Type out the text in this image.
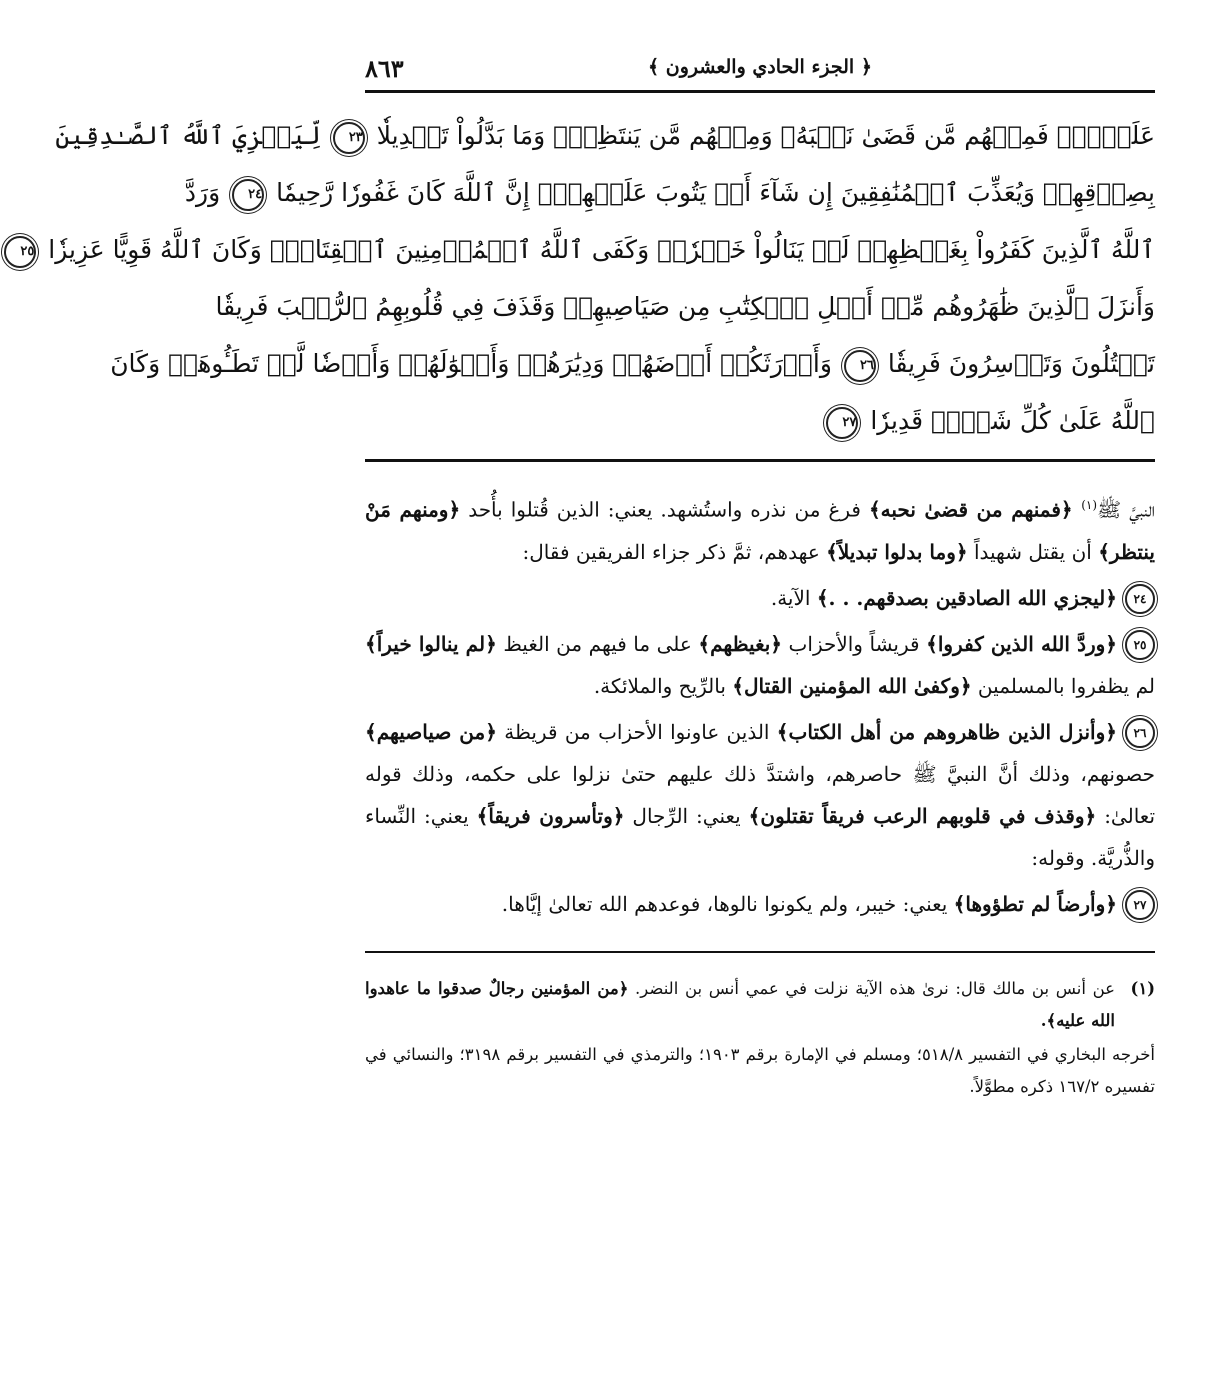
﴿ الجزء الحادي والعشرون ﴾
٨٦٣
عَلَيۡهِۖ فَمِنۡهُم مَّن قَضَىٰ نَحۡبَهُۥ وَمِنۡهُم مَّن يَنتَظِرُۖ وَمَا بَدَّلُواْ تَبۡدِيلٗا ٢٣ لِّيَجۡزِيَ ٱللَّهُ ٱلصَّـٰدِقِينَ
بِصِدۡقِهِمۡ وَيُعَذِّبَ ٱلۡمُنَٰفِقِينَ إِن شَآءَ أَوۡ يَتُوبَ عَلَيۡهِمۡۚ إِنَّ ٱللَّهَ كَانَ غَفُورٗا رَّحِيمٗا ٢٤ وَرَدَّ
ٱللَّهُ ٱلَّذِينَ كَفَرُواْ بِغَيۡظِهِمۡ لَمۡ يَنَالُواْ خَيۡرٗاۚ وَكَفَى ٱللَّهُ ٱلۡمُؤۡمِنِينَ ٱلۡقِتَالَۚ وَكَانَ ٱللَّهُ قَوِيًّا عَزِيزٗا ٢٥
وَأَنزَلَ ٱلَّذِينَ ظَٰهَرُوهُم مِّنۡ أَهۡلِ ٱلۡكِتَٰبِ مِن صَيَاصِيهِمۡ وَقَذَفَ فِي قُلُوبِهِمُ ٱلرُّعۡبَ فَرِيقٗا
تَقۡتُلُونَ وَتَأۡسِرُونَ فَرِيقٗا ٢٦ وَأَوۡرَثَكُمۡ أَرۡضَهُمۡ وَدِيَٰرَهُمۡ وَأَمۡوَٰلَهُمۡ وَأَرۡضٗا لَّمۡ تَطَـُٔوهَاۚ وَكَانَ
ٱللَّهُ عَلَىٰ كُلِّ شَيۡءٖ قَدِيرٗا ٢٧

النبيَّ ﷺ$^{(١)}$ ﴿فمنهم من قضىٰ نحبه﴾ فرغ من نذره واستُشهد. يعني: الذين قُتلوا بأُحد ﴿ومنهم مَنْ ينتظر﴾ أن يقتل شهيداً ﴿وما بدلوا تبديلاً﴾ عهدهم، ثمَّ ذكر جزاء الفريقين فقال:

٢٤﴿ليجزي الله الصادقين بصدقهم. . .﴾ الآية.

٢٥﴿وردَّ الله الذين كفروا﴾ قريشاً والأحزاب ﴿بغيظهم﴾ على ما فيهم من الغيظ ﴿لم ينالوا خيراً﴾ لم يظفروا بالمسلمين ﴿وكفىٰ الله المؤمنين القتال﴾ بالرِّيح والملائكة.

٢٦﴿وأنزل الذين ظاهروهم من أهل الكتاب﴾ الذين عاونوا الأحزاب من قريظة ﴿من صياصيهم﴾ حصونهم، وذلك أنَّ النبيَّ ﷺ حاصرهم، واشتدَّ ذلك عليهم حتىٰ نزلوا على حكمه، وذلك قوله تعالىٰ: ﴿وقذف في قلوبهم الرعب فريقاً تقتلون﴾ يعني: الرِّجال ﴿وتأسرون فريقاً﴾ يعني: النِّساء والذُّريَّة. وقوله:

٢٧﴿وأرضاً لم تطؤوها﴾ يعني: خيبر، ولم يكونوا نالوها، فوعدهم الله تعالىٰ إيَّاها.

(١)
عن أنس بن مالك قال: نرىٰ هذه الآية نزلت في عمي أنس بن النضر. ﴿من المؤمنين رجالٌ صدقوا ما عاهدوا الله عليه﴾.
أخرجه البخاري في التفسير ٥١٨/٨؛ ومسلم في الإمارة برقم ١٩٠٣؛ والترمذي في التفسير برقم ٣١٩٨؛ والنسائي في تفسيره ١٦٧/٢ ذكره مطوَّلاً.
